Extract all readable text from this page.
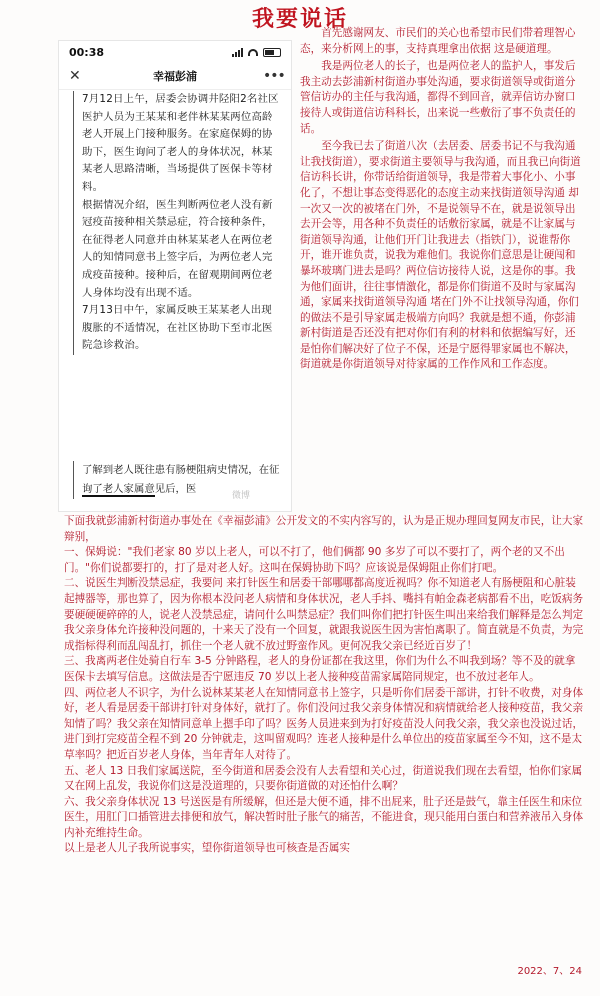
我要说话
00:38
✕	幸福彭浦	•••

7月12日上午，居委会协调井陉阳2名社区医护人员为王某某和老伴林某某两位高龄老人开展上门接种服务。在家庭保姆的协助下，医生询问了老人的身体状况，林某某老人思路清晰，当场提供了医保卡等材料。

根据情况介绍，医生判断两位老人没有新冠疫苗接种相关禁忌症，符合接种条件，在征得老人同意并由林某某老人在两位老人的知情同意书上签字后，为两位老人完成疫苗接种。接种后，在留观期间两位老人身体均没有出现不适。

7月13日中午，家属反映王某某老人出现腹胀的不适情况，在社区协助下至市北医院急诊救治。

了解到老人既往患有肠梗阻病史情况，在征询了老人家属意见后，医

微博

首先感谢网友、市民们的关心也希望市民们带着理智心态，来分析网上的事，支持真理拿出依据 这是硬道理。

我是两位老人的长子，也是两位老人的监护人，事发后我主动去彭浦新村街道办事处沟通，要求街道领导或街道分管信访办的主任与我沟通，都得不到回音，就弄信访办窗口接待人或街道信访科科长，出来说一些敷衍了事不负责任的话。

至今我已去了街道八次（去居委、居委书记不与我沟通让我找街道），要求街道主要领导与我沟通，而且我已向街道信访科长讲，你带话给街道领导，我是带着大事化小、小事化了，不想让事态变得恶化的态度主动来找街道领导沟通 却一次又一次的被堵在门外，不是说领导不在，就是说领导出去开会等，用各种不负责任的话敷衍家属，就是不让家属与街道领导沟通，让他们开门让我进去（指铁门），说谁帮你开，谁开谁负责，说我为难他们。我说你们意思是让硬闯和暴坏玻璃门进去是吗？两位信访接待人说，这是你的事。我为他们面讲，往往事情激化，都是你们街道不及时与家属沟通，家属来找街道领导沟通 堵在门外不让找领导沟通，你们的做法不是引导家属走极端方向吗？我就是想不通，你彭浦新村街道是否还没有把对你们有利的材料和依据编写好，还是怕你们解决好了位子不保，还是宁愿得罪家属也不解决，街道就是你街道领导对待家属的工作作风和工作态度。

下面我就彭浦新村街道办事处在《幸福彭浦》公开发文的不实内容写的，认为是正规办理回复网友市民，让大家辩别，

一、保姆说："我们老家 80 岁以上老人，可以不打了，他们俩都 90 多岁了可以不要打了，两个老的又不出门。"你们说都要打的，打了是对老人好。这叫在保姆协助下吗？应该说是保姆阻止你们打吧。

二、说医生判断没禁忌症，我要问 来打针医生和居委干部哪哪都高度近视吗？你不知道老人有肠梗阻和心脏装起搏器等，那也算了，因为你根本没问老人病情和身体状况，老人手抖、嘴抖有帕金森老病都看不出，吃饭病务要硬硬硬碎碎的人，说老人没禁忌症，请问什么叫禁忌症？我们叫你们把打针医生叫出来给我们解释是怎么判定我父亲身体允许接种没问题的，十来天了没有一个回复，就跟我说医生因为害怕离职了。简直就是不负责，为完成指标得利而乱闯乱打，抓住一个老人就不放过野蛮作风。更何况我父亲已经近百岁了！

三、我离两老住处骑自行车 3-5 分钟路程，老人的身份证都在我这里，你们为什么不叫我到场？等不及的就拿医保卡去填写信息。这做法是否宁愿违反 70 岁以上老人接种疫苗需家属陪同规定，也不放过老年人。

四、两位老人不识字，为什么说林某某老人在知情同意书上签字，只是听你们居委干部讲，打针不收费，对身体好，老人看是居委干部讲打针对身体好，就打了。你们没问过我父亲身体情况和病情就给老人接种疫苗，我父亲知情了吗？我父亲在知情同意单上摁手印了吗？医务人员进来到为打好疫苗没人问我父亲，我父亲也没说过话，进门到打完疫苗全程不到 20 分钟就走，这叫留观吗？连老人接种是什么单位出的疫苗家属至今不知，这不是太草率吗？把近百岁老人身体，当年青年人对待了。

五、老人 13 日我们家属送院，至今街道和居委会没有人去看望和关心过，街道说我们现在去看望，怕你们家属又在网上乱发，我说你们这是没道理的，只要你街道做的对还怕什么啊？

六、我父亲身体状况 13 号送医是有所缓解，但还是大便不通，排不出屁来，肚子还是鼓气，靠主任医生和床位医生，用肛门口插管进去排便和放气，解决暂时肚子胀气的痛苦，不能进食，现只能用白蛋白和营养液吊入身体内补充维持生命。

以上是老人儿子我所说事实，望你街道领导也可核查是否属实

2022、7、24
